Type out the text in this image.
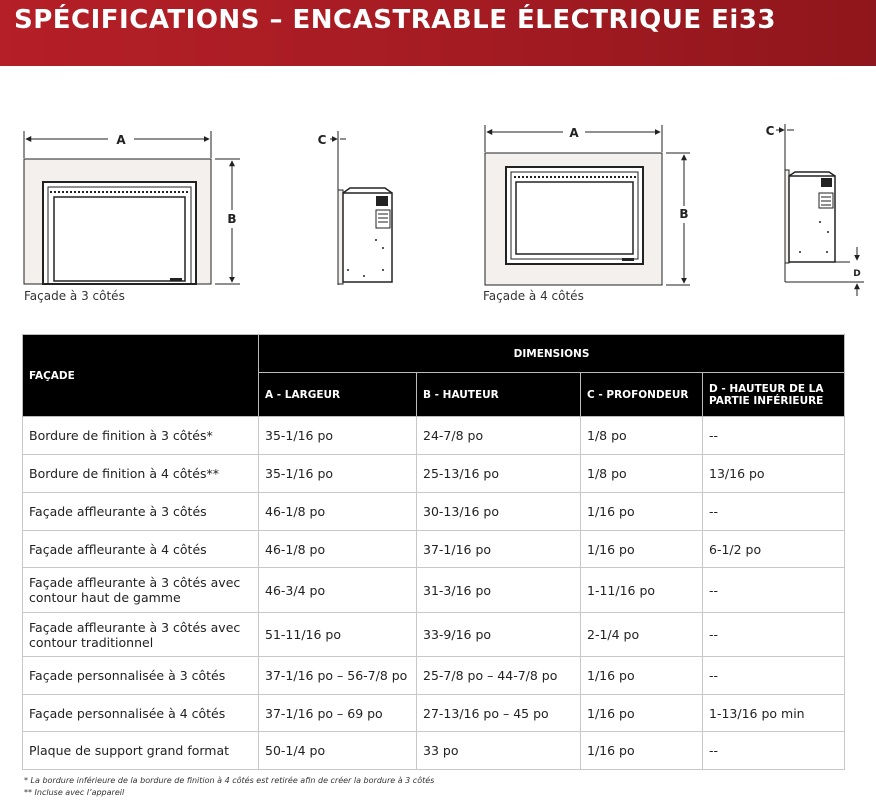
SPÉCIFICATIONS – ENCASTRABLE ÉLECTRIQUE Ei33
A
B
C	A
B
C
D
Façade à 3 côtés	Façade à 4 côtés
FAÇADE	DIMENSIONS			
	A - LARGEUR	B - HAUTEUR	C - PROFONDEUR	D - HAUTEUR DE LA PARTIE INFÉRIEURE
Bordure de finition à 3 côtés*	35-1/16 po	24-7/8 po	1/8 po	--
Bordure de finition à 4 côtés**	35-1/16 po	25-13/16 po	1/8 po	13/16 po
Façade affleurante à 3 côtés	46-1/8 po	30-13/16 po	1/16 po	--
Façade affleurante à 4 côtés	46-1/8 po	37-1/16 po	1/16 po	6-1/2 po
Façade affleurante à 3 côtés avec contour haut de gamme	46-3/4 po	31-3/16 po	1-11/16 po	--
Façade affleurante à 3 côtés avec contour traditionnel	51-11/16 po	33-9/16 po	2-1/4 po	--
Façade personnalisée à 3 côtés	37-1/16 po – 56-7/8 po	25-7/8 po – 44-7/8 po	1/16 po	--
Façade personnalisée à 4 côtés	37-1/16 po – 69 po	27-13/16 po – 45 po	1/16 po	1-13/16 po min
Plaque de support grand format	50-1/4 po	33 po	1/16 po	--
* La bordure inférieure de la bordure de finition à 4 côtés est retirée afin de créer la bordure à 3 côtés
** Incluse avec l’appareil
